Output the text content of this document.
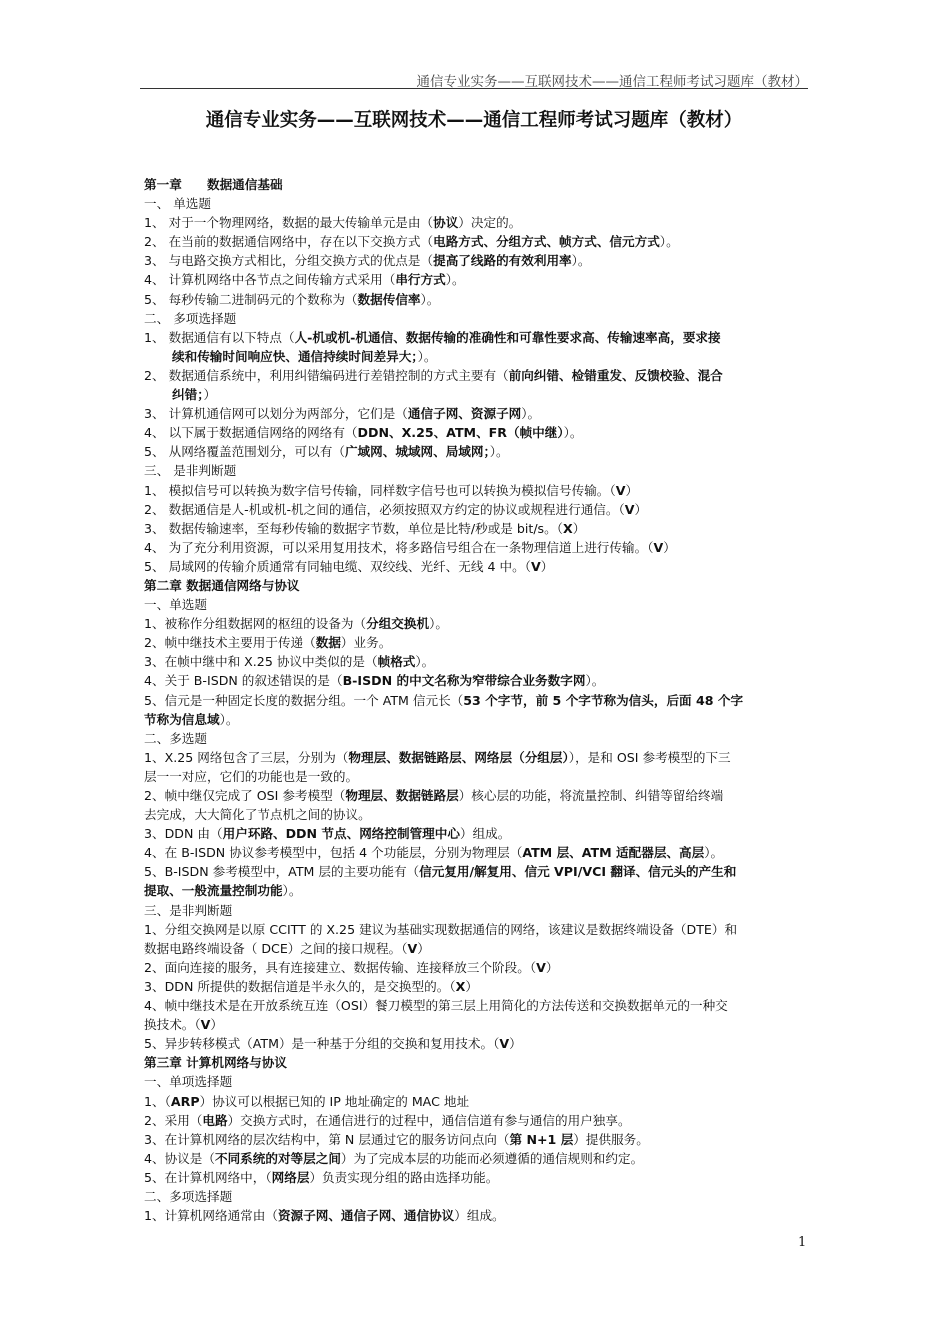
通信专业实务——互联网技术——通信工程师考试习题库（教材）
通信专业实务——互联网技术——通信工程师考试习题库（教材）
第一章　　数据通信基础
一、 单选题
1、 对于一个物理网络，数据的最大传输单元是由（协议）决定的。
2、 在当前的数据通信网络中，存在以下交换方式（电路方式、分组方式、帧方式、信元方式）。
3、 与电路交换方式相比，分组交换方式的优点是（提高了线路的有效利用率）。
4、 计算机网络中各节点之间传输方式采用（串行方式）。
5、 每秒传输二进制码元的个数称为（数据传信率）。
二、 多项选择题
1、 数据通信有以下特点（人-机或机-机通信、数据传输的准确性和可靠性要求高、传输速率高，要求接
续和传输时间响应快、通信持续时间差异大；）。
2、 数据通信系统中，利用纠错编码进行差错控制的方式主要有（前向纠错、检错重发、反馈校验、混合
纠错；）
3、 计算机通信网可以划分为两部分，它们是（通信子网、资源子网）。
4、 以下属于数据通信网络的网络有（DDN、X.25、ATM、FR（帧中继））。
5、 从网络覆盖范围划分，可以有（广域网、城域网、局域网；）。
三、 是非判断题
1、 模拟信号可以转换为数字信号传输，同样数字信号也可以转换为模拟信号传输。（V）
2、 数据通信是人-机或机-机之间的通信，必须按照双方约定的协议或规程进行通信。（V）
3、 数据传输速率，至每秒传输的数据字节数，单位是比特/秒或是 bit/s。（X）
4、 为了充分利用资源，可以采用复用技术，将多路信号组合在一条物理信道上进行传输。（V）
5、 局域网的传输介质通常有同轴电缆、双绞线、光纤、无线 4 中。（V）
第二章 数据通信网络与协议
一、单选题
1、被称作分组数据网的枢纽的设备为（分组交换机）。
2、帧中继技术主要用于传递（数据）业务。
3、在帧中继中和 X.25 协议中类似的是（帧格式）。
4、关于 B-ISDN 的叙述错误的是（B-ISDN 的中文名称为窄带综合业务数字网）。
5、信元是一种固定长度的数据分组。一个 ATM 信元长（53 个字节，前 5 个字节称为信头，后面 48 个字
节称为信息域）。
二、多选题
1、X.25 网络包含了三层，分别为（物理层、数据链路层、网络层（分组层）），是和 OSI 参考模型的下三
层一一对应，它们的功能也是一致的。
2、帧中继仅完成了 OSI 参考模型（物理层、数据链路层）核心层的功能，将流量控制、纠错等留给终端
去完成，大大简化了节点机之间的协议。
3、DDN 由（用户环路、DDN 节点、网络控制管理中心）组成。
4、在 B-ISDN 协议参考模型中，包括 4 个功能层，分别为物理层（ATM 层、ATM 适配器层、高层）。
5、B-ISDN 参考模型中，ATM 层的主要功能有（信元复用/解复用、信元 VPI/VCI 翻译、信元头的产生和
提取、一般流量控制功能）。
三、是非判断题
1、分组交换网是以原 CCITT 的 X.25 建议为基础实现数据通信的网络，该建议是数据终端设备（DTE）和
数据电路终端设备（ DCE）之间的接口规程。（V）
2、面向连接的服务，具有连接建立、数据传输、连接释放三个阶段。（V）
3、DDN 所提供的数据信道是半永久的，是交换型的。（X）
4、帧中继技术是在开放系统互连（OSI）餐刀模型的第三层上用简化的方法传送和交换数据单元的一种交
换技术。（V）
5、异步转移模式（ATM）是一种基于分组的交换和复用技术。（V）
第三章 计算机网络与协议
一、单项选择题
1、（ARP）协议可以根据已知的 IP 地址确定的 MAC 地址
2、采用（电路）交换方式时，在通信进行的过程中，通信信道有参与通信的用户独享。
3、在计算机网络的层次结构中，第 N 层通过它的服务访问点向（第 N+1 层）提供服务。
4、协议是（不同系统的对等层之间）为了完成本层的功能而必须遵循的通信规则和约定。
5、在计算机网络中，（网络层）负责实现分组的路由选择功能。
二、多项选择题
1、计算机网络通常由（资源子网、通信子网、通信协议）组成。
1
